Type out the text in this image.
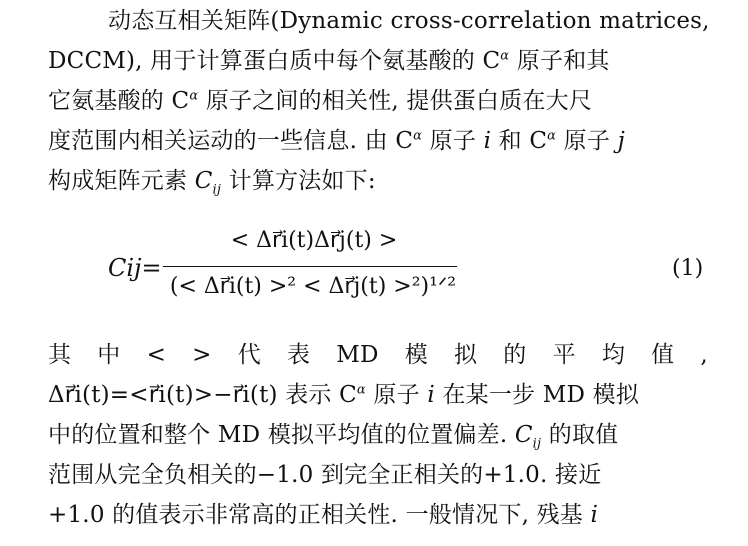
动态互相关矩阵(Dynamic cross-correlation matrices,
DCCM), 用于计算蛋白质中每个氨基酸的 $C^\alpha$ 原子和其
它氨基酸的 $C^\alpha$ 原子之间的相关性, 提供蛋白质在大尺
度范围内相关运动的一些信息. 由 $C^\alpha$ 原子 i 和 $C^\alpha$ 原子 j
构成矩阵元素 $C_{ij}$ 计算方法如下:
Cij=
< Δr⃗i(t)Δr⃗j(t) >
(< Δr⃗i(t) >² < Δr⃗j(t) >²)¹ᐟ²
(1)
其 中 < > 代 表 MD 模 拟 的 平 均 值 ,
Δr⃗i(t)=<r⃗i(t)>−r⃗i(t) 表示 $C^\alpha$ 原子 i 在某一步 MD 模拟
中的位置和整个 MD 模拟平均值的位置偏差. $C_{ij}$ 的取值
范围从完全负相关的−1.0 到完全正相关的+1.0. 接近
+1.0 的值表示非常高的正相关性. 一般情况下, 残基 i
